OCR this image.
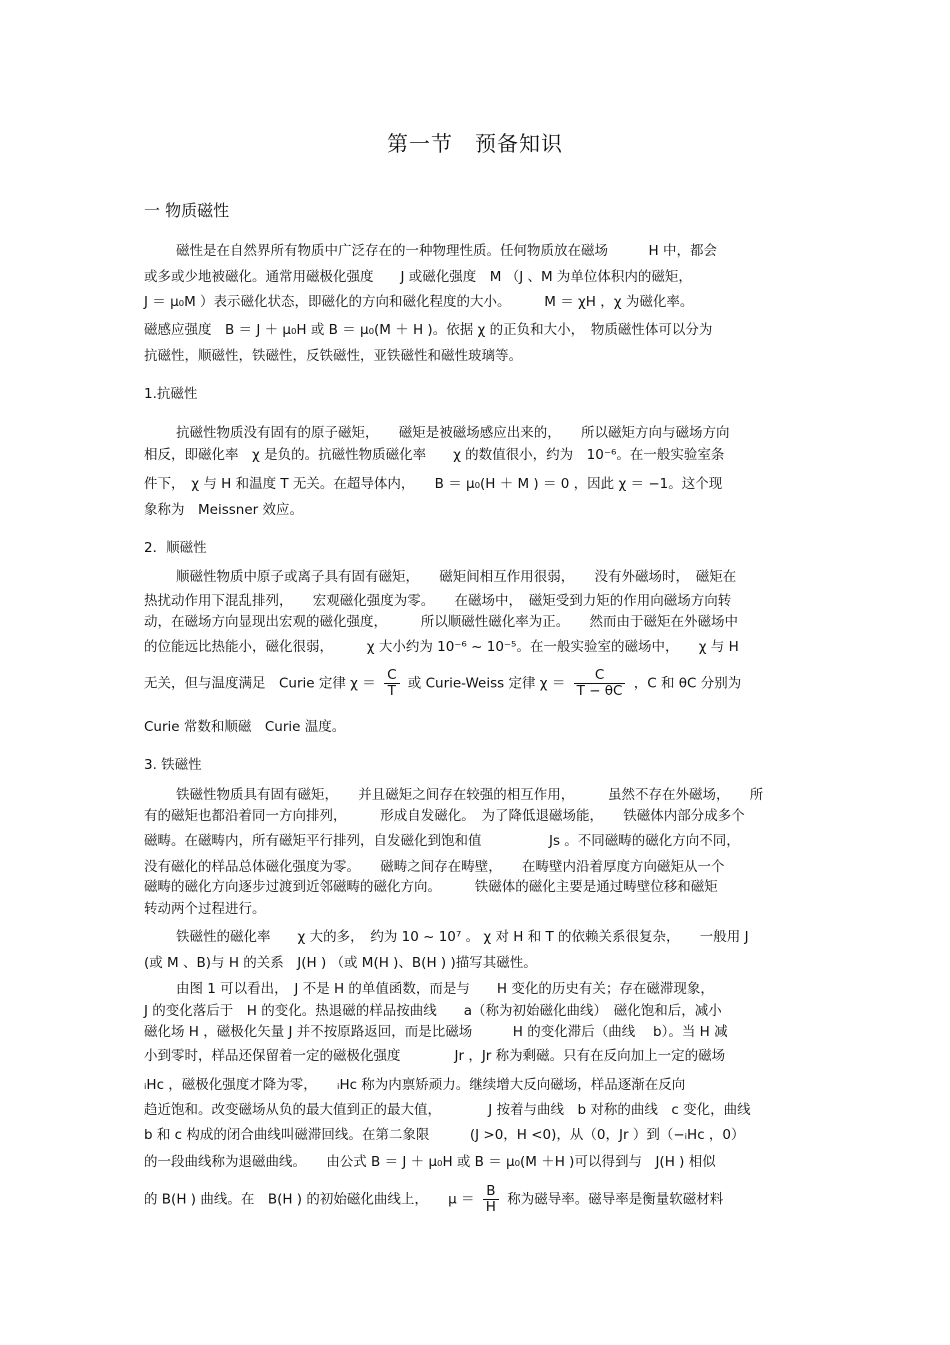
第一节　预备知识
一 物质磁性
磁性是在自然界所有物质中广泛存在的一种物理性质。任何物质放在磁场　　　H 中，都会
或多或少地被磁化。通常用磁极化强度　　J 或磁化强度　M （J 、M 为单位体积内的磁矩，
J ＝ μ₀M ）表示磁化状态，即磁化的方向和磁化程度的大小。　　　M ＝ χH ，χ 为磁化率。
磁感应强度　B ＝ J ＋ μ₀H 或 B ＝ μ₀(M ＋ H )。依据 χ 的正负和大小，　物质磁性体可以分为
抗磁性，顺磁性，铁磁性，反铁磁性，亚铁磁性和磁性玻璃等。
1.抗磁性
抗磁性物质没有固有的原子磁矩，　　磁矩是被磁场感应出来的，　　所以磁矩方向与磁场方向
相反，即磁化率　χ 是负的。抗磁性物质磁化率　　χ 的数值很小，约为　10⁻⁶。在一般实验室条
件下，　χ 与 H 和温度 T 无关。在超导体内，　　B ＝ μ₀(H ＋ M ) ＝ 0 ，因此 χ ＝ −1。这个现
象称为　Meissner 效应。
2．顺磁性
顺磁性物质中原子或离子具有固有磁矩，　　磁矩间相互作用很弱，　　没有外磁场时，　磁矩在
热扰动作用下混乱排列，　　宏观磁化强度为零。　　在磁场中，　磁矩受到力矩的作用向磁场方向转
动，在磁场方向显现出宏观的磁化强度，　　　所以顺磁性磁化率为正。　　然而由于磁矩在外磁场中
的位能远比热能小，磁化很弱，　　　χ 大小约为 10⁻⁶ ~ 10⁻⁵。在一般实验室的磁场中，　　χ 与 H
无关，但与温度满足　Curie 定律 $\chi = \frac{C}{T}$ 或 Curie-Weiss 定律 $\chi = \frac{C}{T - \theta C}$ ，C 和 θC 分别为
Curie 常数和顺磁　Curie 温度。
3. 铁磁性
铁磁性物质具有固有磁矩，　　并且磁矩之间存在较强的相互作用，　　　虽然不存在外磁场，　　所
有的磁矩也都沿着同一方向排列，　　　形成自发磁化。　为了降低退磁场能，　　铁磁体内部分成多个
磁畴。在磁畴内，所有磁矩平行排列，自发磁化到饱和值　　　　　Js 。不同磁畴的磁化方向不同，
没有磁化的样品总体磁化强度为零。　　磁畴之间存在畴壁，　　在畴壁内沿着厚度方向磁矩从一个
磁畴的磁化方向逐步过渡到近邻磁畴的磁化方向。　　　铁磁体的磁化主要是通过畴壁位移和磁矩
转动两个过程进行。
铁磁性的磁化率　　χ 大的多，　约为 10 ~ 10⁷ 。 χ 对 H 和 T 的依赖关系很复杂，　　一般用 J
(或 M 、B)与 H 的关系　J(H ) （或 M(H )、B(H ) )描写其磁性。
由图 1 可以看出，　J 不是 H 的单值函数，而是与　　H 变化的历史有关；存在磁滞现象，
J 的变化落后于　H 的变化。热退磁的样品按曲线　　a（称为初始磁化曲线）　磁化饱和后，减小
磁化场 H ，磁极化矢量 J 并不按原路返回，而是比磁场　　　H 的变化滞后（曲线　 b）。当 H 减
小到零时，样品还保留着一定的磁极化强度　　　　Jr ，Jr 称为剩磁。只有在反向加上一定的磁场
ᵢHc ，磁极化强度才降为零，　　ᵢHc 称为内禀矫顽力。继续增大反向磁场，样品逐渐在反向
趋近饱和。改变磁场从负的最大值到正的最大值，　　　　J 按着与曲线　b 对称的曲线　c 变化，曲线
b 和 c 构成的闭合曲线叫磁滞回线。在第二象限　　　(J >0，H <0)，从（0，Jr ）到（−ᵢHc ，0）
的一段曲线称为退磁曲线。　　由公式 B ＝ J ＋ μ₀H 或 B ＝ μ₀(M ＋H )可以得到与　J(H ) 相似
的 B(H ) 曲线。在　B(H ) 的初始磁化曲线上，　　$\mu = \frac{B}{H}$ 称为磁导率。磁导率是衡量软磁材料
